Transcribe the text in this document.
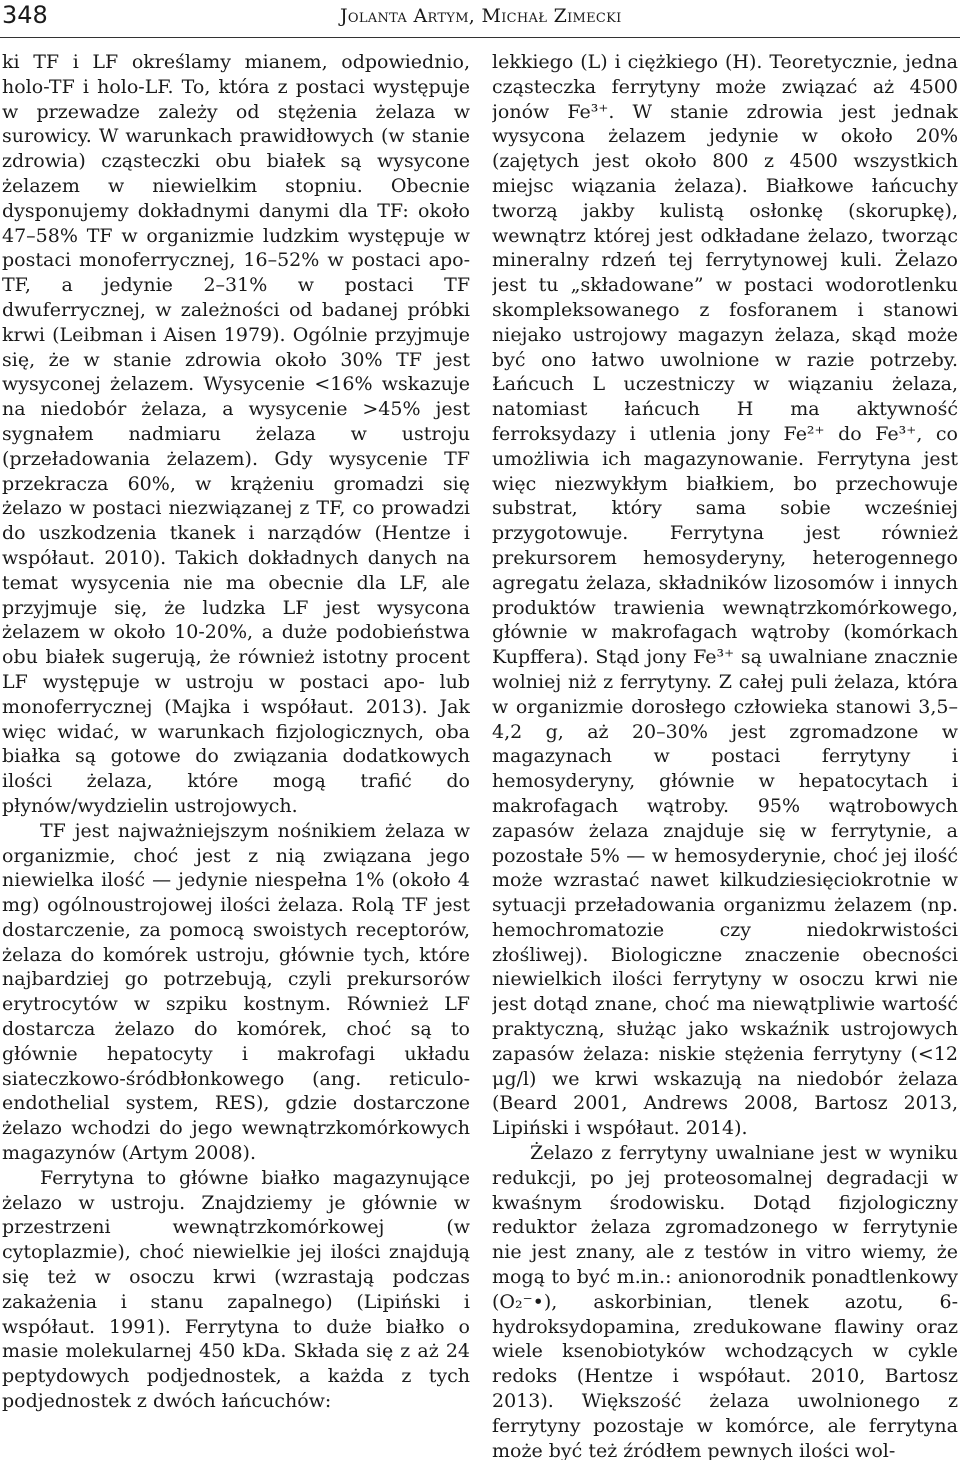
348	Jolanta Artym, Michał Zimecki

ki TF i LF określamy mianem, odpowiednio, holo-TF i holo-LF. To, która z postaci występuje w przewadze zależy od stężenia żelaza w surowicy. W warunkach prawidłowych (w stanie zdrowia) cząsteczki obu białek są wysycone żelazem w niewielkim stopniu. Obecnie dysponujemy dokładnymi danymi dla TF: około 47–58% TF w organizmie ludzkim występuje w postaci monoferrycznej, 16–52% w postaci apo-TF, a jedynie 2–31% w postaci TF dwuferrycznej, w zależności od badanej próbki krwi (Leibman i Aisen 1979). Ogólnie przyjmuje się, że w stanie zdrowia około 30% TF jest wysyconej żelazem. Wysycenie <16% wskazuje na niedobór żelaza, a wysycenie >45% jest sygnałem nadmiaru żelaza w ustroju (przeładowania żelazem). Gdy wysycenie TF przekracza 60%, w krążeniu gromadzi się żelazo w postaci niezwiązanej z TF, co prowadzi do uszkodzenia tkanek i narządów (Hentze i współaut. 2010). Takich dokładnych danych na temat wysycenia nie ma obecnie dla LF, ale przyjmuje się, że ludzka LF jest wysycona żelazem w około 10-20%, a duże podobieństwa obu białek sugerują, że również istotny procent LF występuje w ustroju w postaci apo- lub monoferrycznej (Majka i współaut. 2013). Jak więc widać, w warunkach fizjologicznych, oba białka są gotowe do związania dodatkowych ilości żelaza, które mogą trafić do płynów/wydzielin ustrojowych.

TF jest najważniejszym nośnikiem żelaza w organizmie, choć jest z nią związana jego niewielka ilość — jedynie niespełna 1% (około 4 mg) ogólnoustrojowej ilości żelaza. Rolą TF jest dostarczenie, za pomocą swoistych receptorów, żelaza do komórek ustroju, głównie tych, które najbardziej go potrzebują, czyli prekursorów erytrocytów w szpiku kostnym. Również LF dostarcza żelazo do komórek, choć są to głównie hepatocyty i makrofagi układu siateczkowo-śródbłonkowego (ang. reticulo-endothelial system, RES), gdzie dostarczone żelazo wchodzi do jego wewnątrzkomórkowych magazynów (Artym 2008).

Ferrytyna to główne białko magazynujące żelazo w ustroju. Znajdziemy je głównie w przestrzeni wewnątrzkomórkowej (w cytoplazmie), choć niewielkie jej ilości znajdują się też w osoczu krwi (wzrastają podczas zakażenia i stanu zapalnego) (Lipiński i współaut. 1991). Ferrytyna to duże białko o masie molekularnej 450 kDa. Składa się z aż 24 peptydowych podjednostek, a każda z tych podjednostek z dwóch łańcuchów:

lekkiego (L) i ciężkiego (H). Teoretycznie, jedna cząsteczka ferrytyny może związać aż 4500 jonów Fe³⁺. W stanie zdrowia jest jednak wysycona żelazem jedynie w około 20% (zajętych jest około 800 z 4500 wszystkich miejsc wiązania żelaza). Białkowe łańcuchy tworzą jakby kulistą osłonkę (skorupkę), wewnątrz której jest odkładane żelazo, tworząc mineralny rdzeń tej ferrytynowej kuli. Żelazo jest tu „składowane” w postaci wodorotlenku skompleksowanego z fosforanem i stanowi niejako ustrojowy magazyn żelaza, skąd może być ono łatwo uwolnione w razie potrzeby. Łańcuch L uczestniczy w wiązaniu żelaza, natomiast łańcuch H ma aktywność ferroksydazy i utlenia jony Fe²⁺ do Fe³⁺, co umożliwia ich magazynowanie. Ferrytyna jest więc niezwykłym białkiem, bo przechowuje substrat, który sama sobie wcześniej przygotowuje. Ferrytyna jest również prekursorem hemosyderyny, heterogennego agregatu żelaza, składników lizosomów i innych produktów trawienia wewnątrzkomórkowego, głównie w makrofagach wątroby (komórkach Kupffera). Stąd jony Fe³⁺ są uwalniane znacznie wolniej niż z ferrytyny. Z całej puli żelaza, która w organizmie dorosłego człowieka stanowi 3,5–4,2 g, aż 20–30% jest zgromadzone w magazynach w postaci ferrytyny i hemosyderyny, głównie w hepatocytach i makrofagach wątroby. 95% wątrobowych zapasów żelaza znajduje się w ferrytynie, a pozostałe 5% — w hemosyderynie, choć jej ilość może wzrastać nawet kilkudziesięciokrotnie w sytuacji przeładowania organizmu żelazem (np. hemochromatozie czy niedokrwistości złośliwej). Biologiczne znaczenie obecności niewielkich ilości ferrytyny w osoczu krwi nie jest dotąd znane, choć ma niewątpliwie wartość praktyczną, służąc jako wskaźnik ustrojowych zapasów żelaza: niskie stężenia ferrytyny (<12 μg/l) we krwi wskazują na niedobór żelaza (Beard 2001, Andrews 2008, Bartosz 2013, Lipiński i współaut. 2014).

Żelazo z ferrytyny uwalniane jest w wyniku redukcji, po jej proteosomalnej degradacji w kwaśnym środowisku. Dotąd fizjologiczny reduktor żelaza zgromadzonego w ferrytynie nie jest znany, ale z testów in vitro wiemy, że mogą to być m.in.: anionorodnik ponadtlenkowy (O₂⁻•), askorbinian, tlenek azotu, 6-hydroksydopamina, zredukowane flawiny oraz wiele ksenobiotyków wchodzących w cykle redoks (Hentze i współaut. 2010, Bartosz 2013). Większość żelaza uwolnionego z ferrytyny pozostaje w komórce, ale ferrytyna może być też źródłem pewnych ilości wol-
